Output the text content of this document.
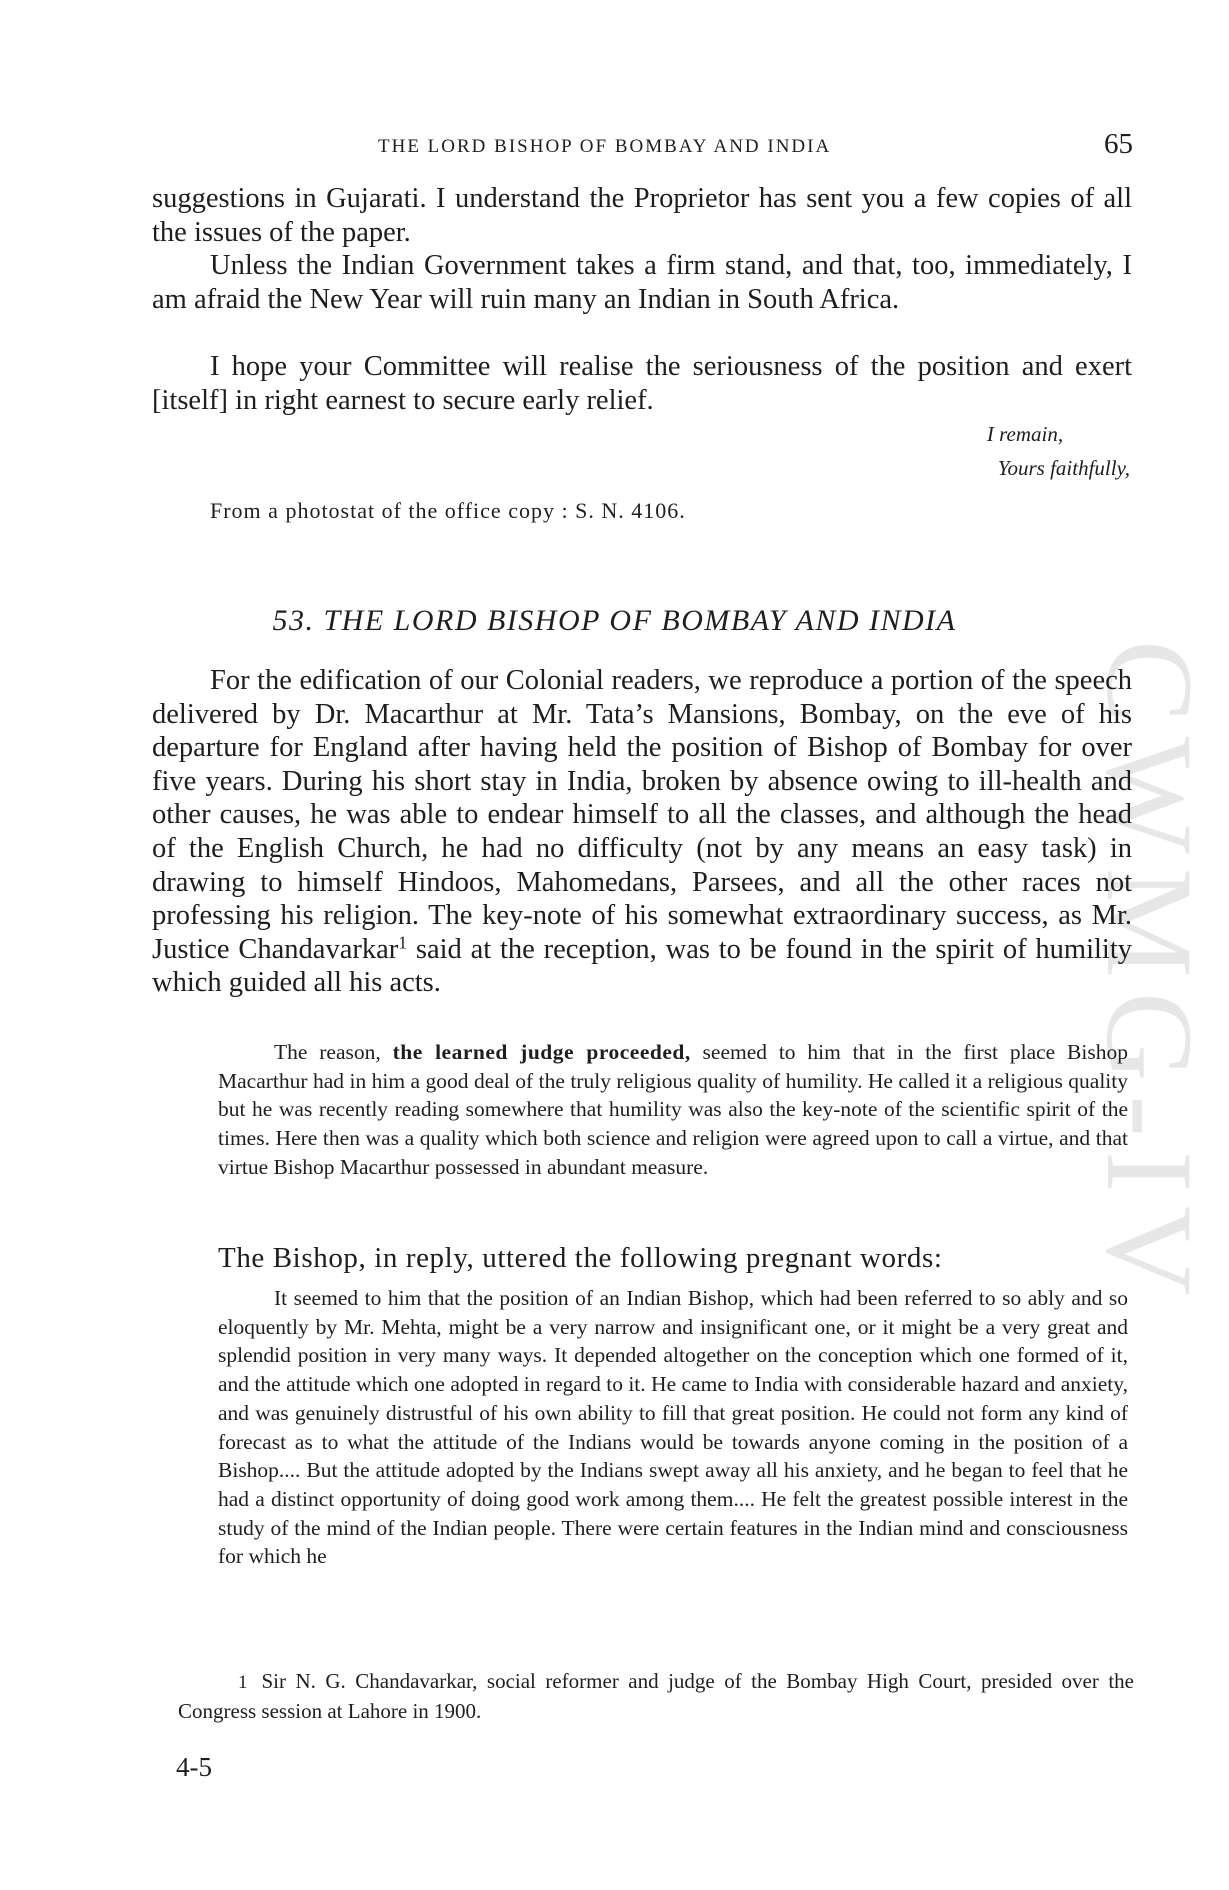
CWMG-IV
THE LORD BISHOP OF BOMBAY AND INDIA	65

suggestions in Gujarati. I understand the Proprietor has sent you a few copies of all the issues of the paper.

Unless the Indian Government takes a firm stand, and that, too, immediately, I am afraid the New Year will ruin many an Indian in South Africa.

I hope your Committee will realise the seriousness of the position and exert [itself] in right earnest to secure early relief.

I remain,
Yours faithfully,
From a photostat of the office copy : S. N. 4106.
53. THE LORD BISHOP OF BOMBAY AND INDIA

For the edification of our Colonial readers, we reproduce a portion of the speech delivered by Dr. Macarthur at Mr. Tata’s Mansions, Bombay, on the eve of his departure for England after having held the position of Bishop of Bombay for over five years. During his short stay in India, broken by absence owing to ill-health and other causes, he was able to endear himself to all the classes, and although the head of the English Church, he had no difficulty (not by any means an easy task) in drawing to himself Hindoos, Mahomedans, Parsees, and all the other races not professing his religion. The key-note of his somewhat extraordinary success, as Mr. Justice Chandavarkar$^1$ said at the reception, was to be found in the spirit of humility which guided all his acts.

The reason, the learned judge proceeded, seemed to him that in the first place Bishop Macarthur had in him a good deal of the truly religious quality of humility. He called it a religious quality but he was recently reading somewhere that humility was also the key-note of the scientific spirit of the times. Here then was a quality which both science and religion were agreed upon to call a virtue, and that virtue Bishop Macarthur possessed in abundant measure.

The Bishop, in reply, uttered the following pregnant words:

It seemed to him that the position of an Indian Bishop, which had been referred to so ably and so eloquently by Mr. Mehta, might be a very narrow and insignificant one, or it might be a very great and splendid position in very many ways. It depended altogether on the conception which one formed of it, and the attitude which one adopted in regard to it. He came to India with considerable hazard and anxiety, and was genuinely distrustful of his own ability to fill that great position. He could not form any kind of forecast as to what the attitude of the Indians would be towards anyone coming in the position of a Bishop.... But the attitude adopted by the Indians swept away all his anxiety, and he began to feel that he had a distinct opportunity of doing good work among them.... He felt the greatest possible interest in the study of the mind of the Indian people. There were certain features in the Indian mind and consciousness for which he

1 Sir N. G. Chandavarkar, social reformer and judge of the Bombay High Court, presided over the Congress session at Lahore in 1900.

4-5
